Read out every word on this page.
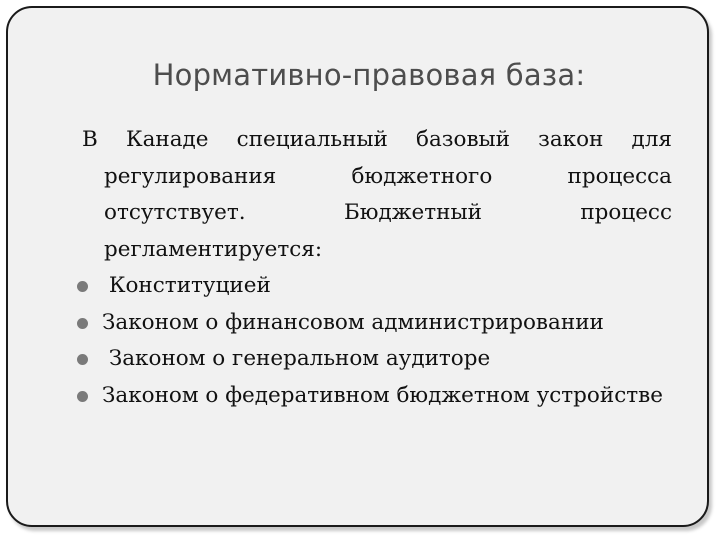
Нормативно-правовая база:
В Канаде специальный базовый закон для регулирования бюджетного процесса отсутствует. Бюджетный процесс регламентируется:
Конституцией
Законом о финансовом администрировании
Законом о генеральном аудиторе
Законом о федеративном бюджетном устройстве
